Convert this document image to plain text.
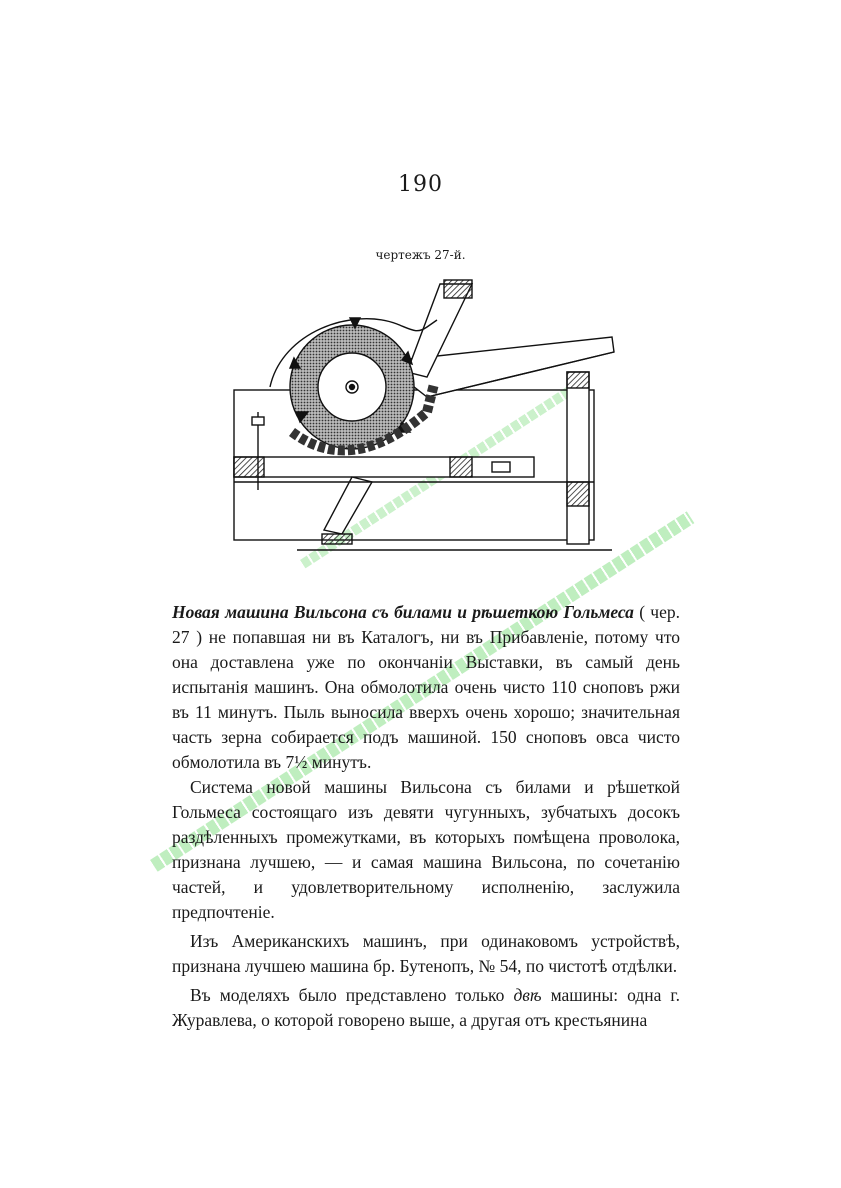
190
чертежъ 27-й.

Новая машина Вильсона съ билами и рѣшеткою Гольмеса ( чер. 27 ) не попавшая ни въ Каталогъ, ни въ Прибавленіе, потому что она доставлена уже по окончаніи Выставки, въ самый день испытанія машинъ. Она обмолотила очень чисто 110 сноповъ ржи въ 11 минутъ. Пыль выносила вверхъ очень хорошо; значительная часть зерна собирается подъ машиной. 150 сноповъ овса чисто обмолотила въ 7½ минутъ.

Система новой машины Вильсона съ билами и рѣшеткой Гольмеса состоящаго изъ девяти чугунныхъ, зубчатыхъ досокъ раздѣленныхъ промежутками, въ которыхъ помѣщена проволока, признана лучшею, — и самая машина Вильсона, по сочетанію частей, и удовлетворительному исполненію, заслужила предпочтеніе.

Изъ Американскихъ машинъ, при одинаковомъ устройствѣ, признана лучшею машина бр. Бутенопъ, № 54, по чистотѣ отдѣлки.

Въ моделяхъ было представлено только двѣ машины: одна г. Журавлева, о которой говорено выше, а другая отъ крестьянина
